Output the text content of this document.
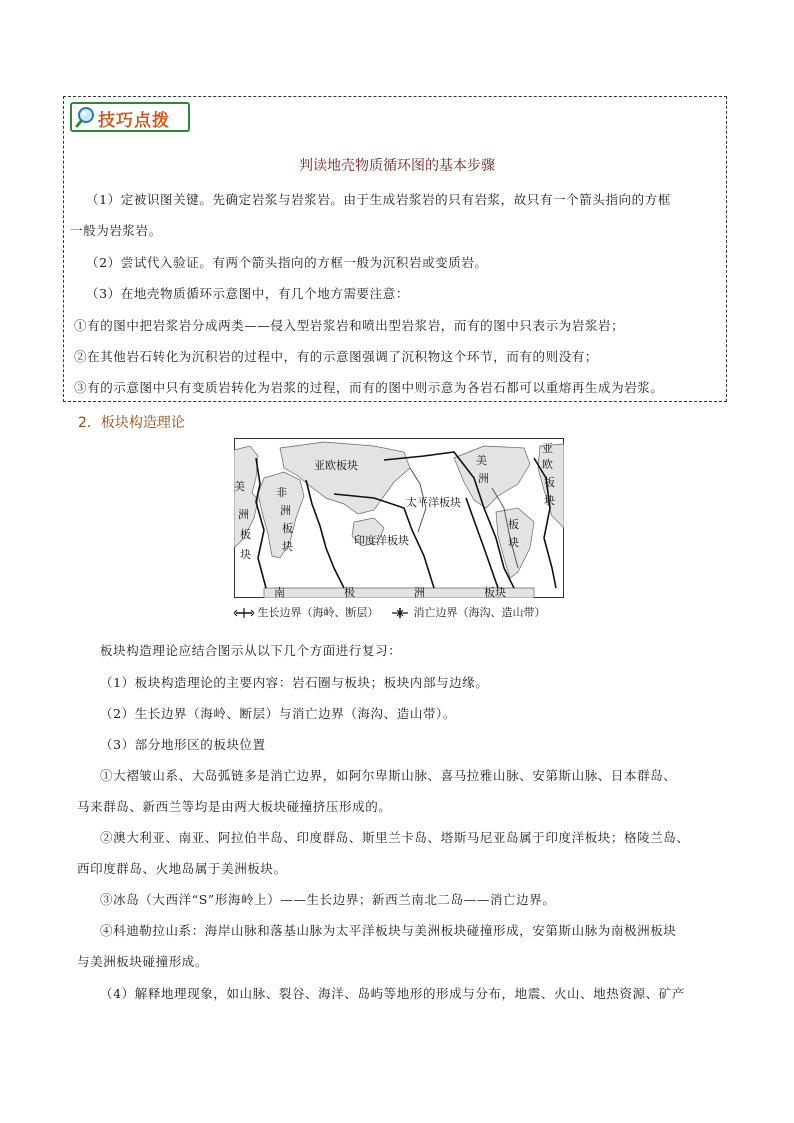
技巧点拨
判读地壳物质循环图的基本步骤
（1）定被识图关键。先确定岩浆与岩浆岩。由于生成岩浆岩的只有岩浆，故只有一个箭头指向的方框
一般为岩浆岩。
（2）尝试代入验证。有两个箭头指向的方框一般为沉积岩或变质岩。
（3）在地壳物质循环示意图中，有几个地方需要注意：
①有的图中把岩浆岩分成两类——侵入型岩浆岩和喷出型岩浆岩，而有的图中只表示为岩浆岩；
②在其他岩石转化为沉积岩的过程中，有的示意图强调了沉积物这个环节，而有的则没有；
③有的示意图中只有变质岩转化为岩浆的过程，而有的图中则示意为各岩石都可以重熔再生成为岩浆。
2．板块构造理论
亚欧板块
太平洋板块
印度洋板块
非
洲
板
块
美
洲
板
块
美
洲
板
块
亚
欧
板
块
南	极	洲	板块
生长边界（海岭、断层）	消亡边界（海沟、造山带）
板块构造理论应结合图示从以下几个方面进行复习：
（1）板块构造理论的主要内容：岩石圈与板块；板块内部与边缘。
（2）生长边界（海岭、断层）与消亡边界（海沟、造山带）。
（3）部分地形区的板块位置
①大褶皱山系、大岛弧链多是消亡边界，如阿尔卑斯山脉、喜马拉雅山脉、安第斯山脉、日本群岛、
马来群岛、新西兰等均是由两大板块碰撞挤压形成的。
②澳大利亚、南亚、阿拉伯半岛、印度群岛、斯里兰卡岛、塔斯马尼亚岛属于印度洋板块；格陵兰岛、
西印度群岛、火地岛属于美洲板块。
③冰岛（大西洋“S”形海岭上）——生长边界；新西兰南北二岛——消亡边界。
④科迪勒拉山系：海岸山脉和落基山脉为太平洋板块与美洲板块碰撞形成，安第斯山脉为南极洲板块
与美洲板块碰撞形成。
（4）解释地理现象，如山脉、裂谷、海洋、岛屿等地形的形成与分布，地震、火山、地热资源、矿产
